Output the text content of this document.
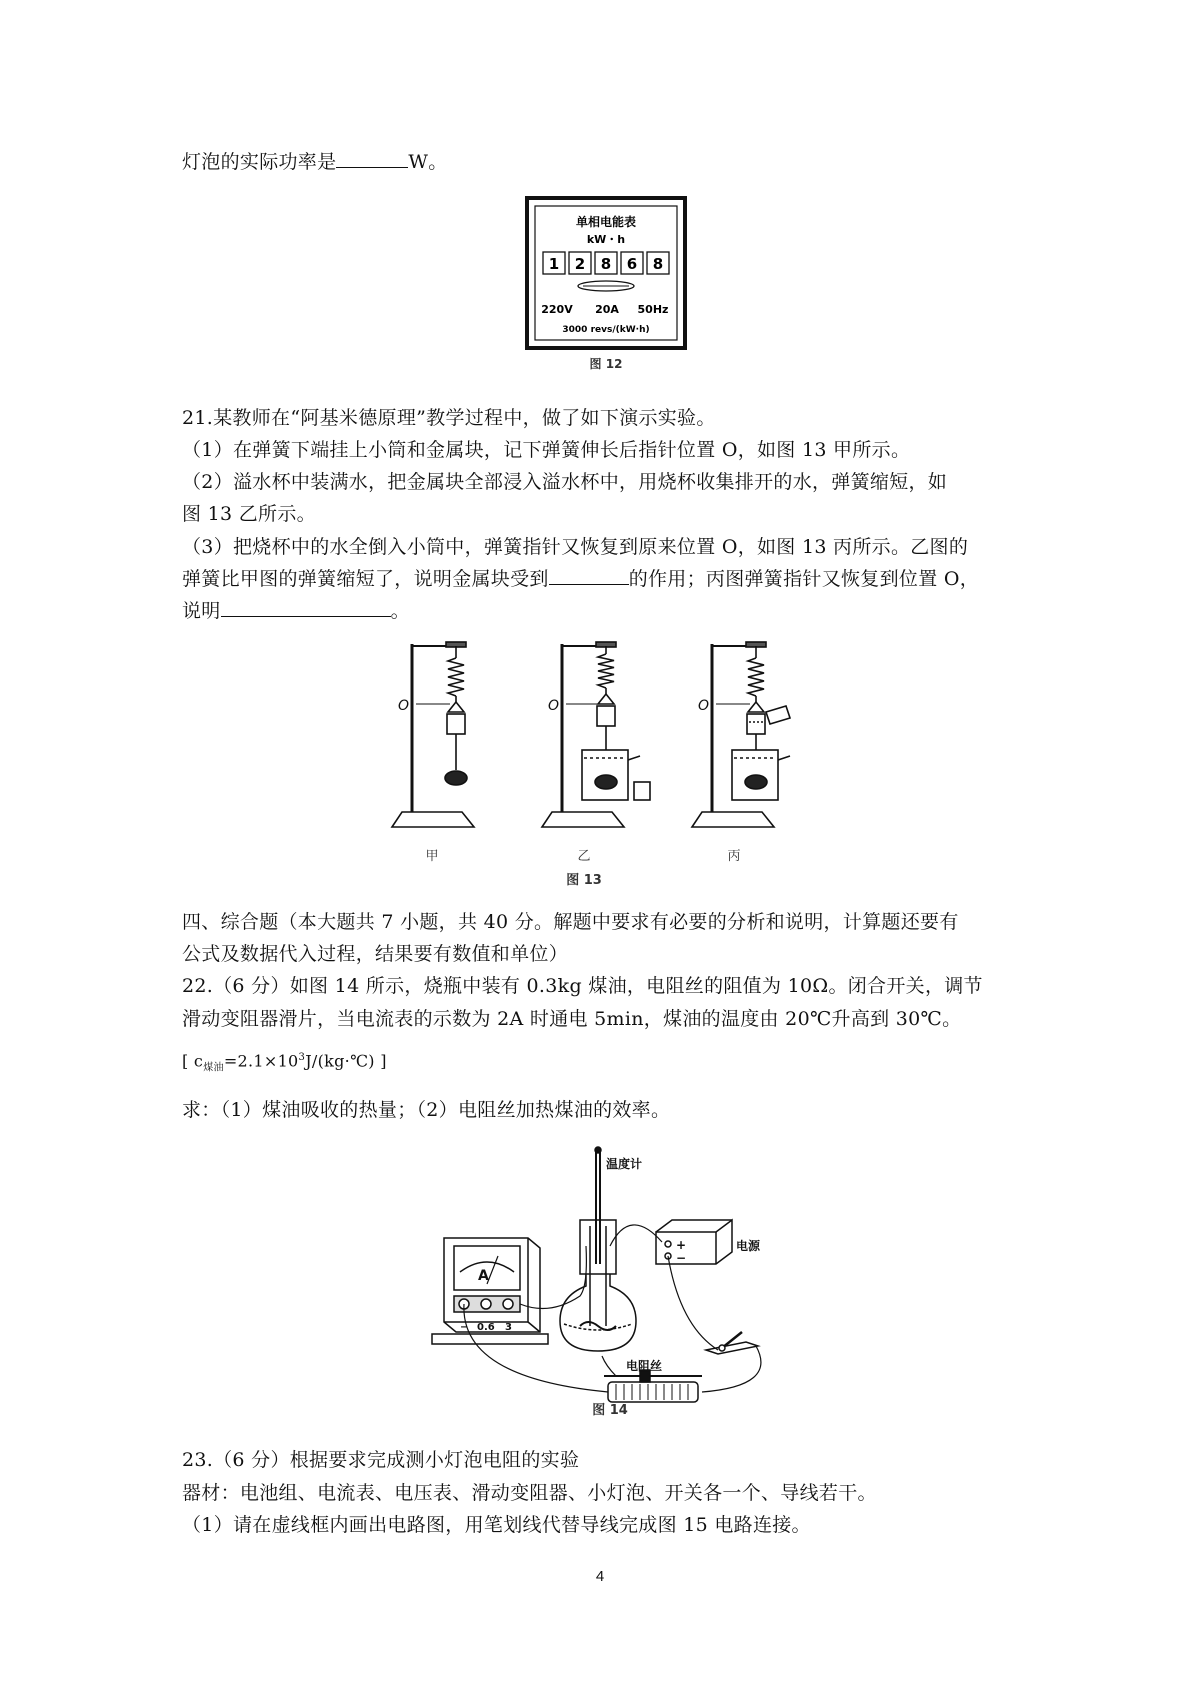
灯泡的实际功率是	W。
单相电能表
kW・h
1 2 8 6 8
220V 20A 50Hz
3000 revs/(kW·h)
图 12
21.某教师在“阿基米德原理”教学过程中，做了如下演示实验。
（1）在弹簧下端挂上小筒和金属块，记下弹簧伸长后指针位置 O，如图 13 甲所示。
（2）溢水杯中装满水，把金属块全部浸入溢水杯中，用烧杯收集排开的水，弹簧缩短，如
图 13 乙所示。
（3）把烧杯中的水全倒入小筒中，弹簧指针又恢复到原来位置 O，如图 13 丙所示。乙图的
弹簧比甲图的弹簧缩短了，说明金属块受到	的作用；丙图弹簧指针又恢复到位置 O，
说明	。
O	O	O
甲	乙	丙
图 13
四、综合题（本大题共 7 小题，共 40 分。解题中要求有必要的分析和说明，计算题还要有
公式及数据代入过程，结果要有数值和单位）
22.（6 分）如图 14 所示，烧瓶中装有 0.3kg 煤油，电阻丝的阻值为 10Ω。闭合开关，调节
滑动变阻器滑片，当电流表的示数为 2A 时通电 5min，煤油的温度由 20℃升高到 30℃。
[ $c_{煤油}=2.1\times 10^3J/(kg\cdot℃)$ ]
求：（1）煤油吸收的热量；（2）电阻丝加热煤油的效率。
A
− 0.6 3
温度计
+
−
电源
电阻丝
图 14
23.（6 分）根据要求完成测小灯泡电阻的实验
器材：电池组、电流表、电压表、滑动变阻器、小灯泡、开关各一个、导线若干。
（1）请在虚线框内画出电路图，用笔划线代替导线完成图 15 电路连接。
4
